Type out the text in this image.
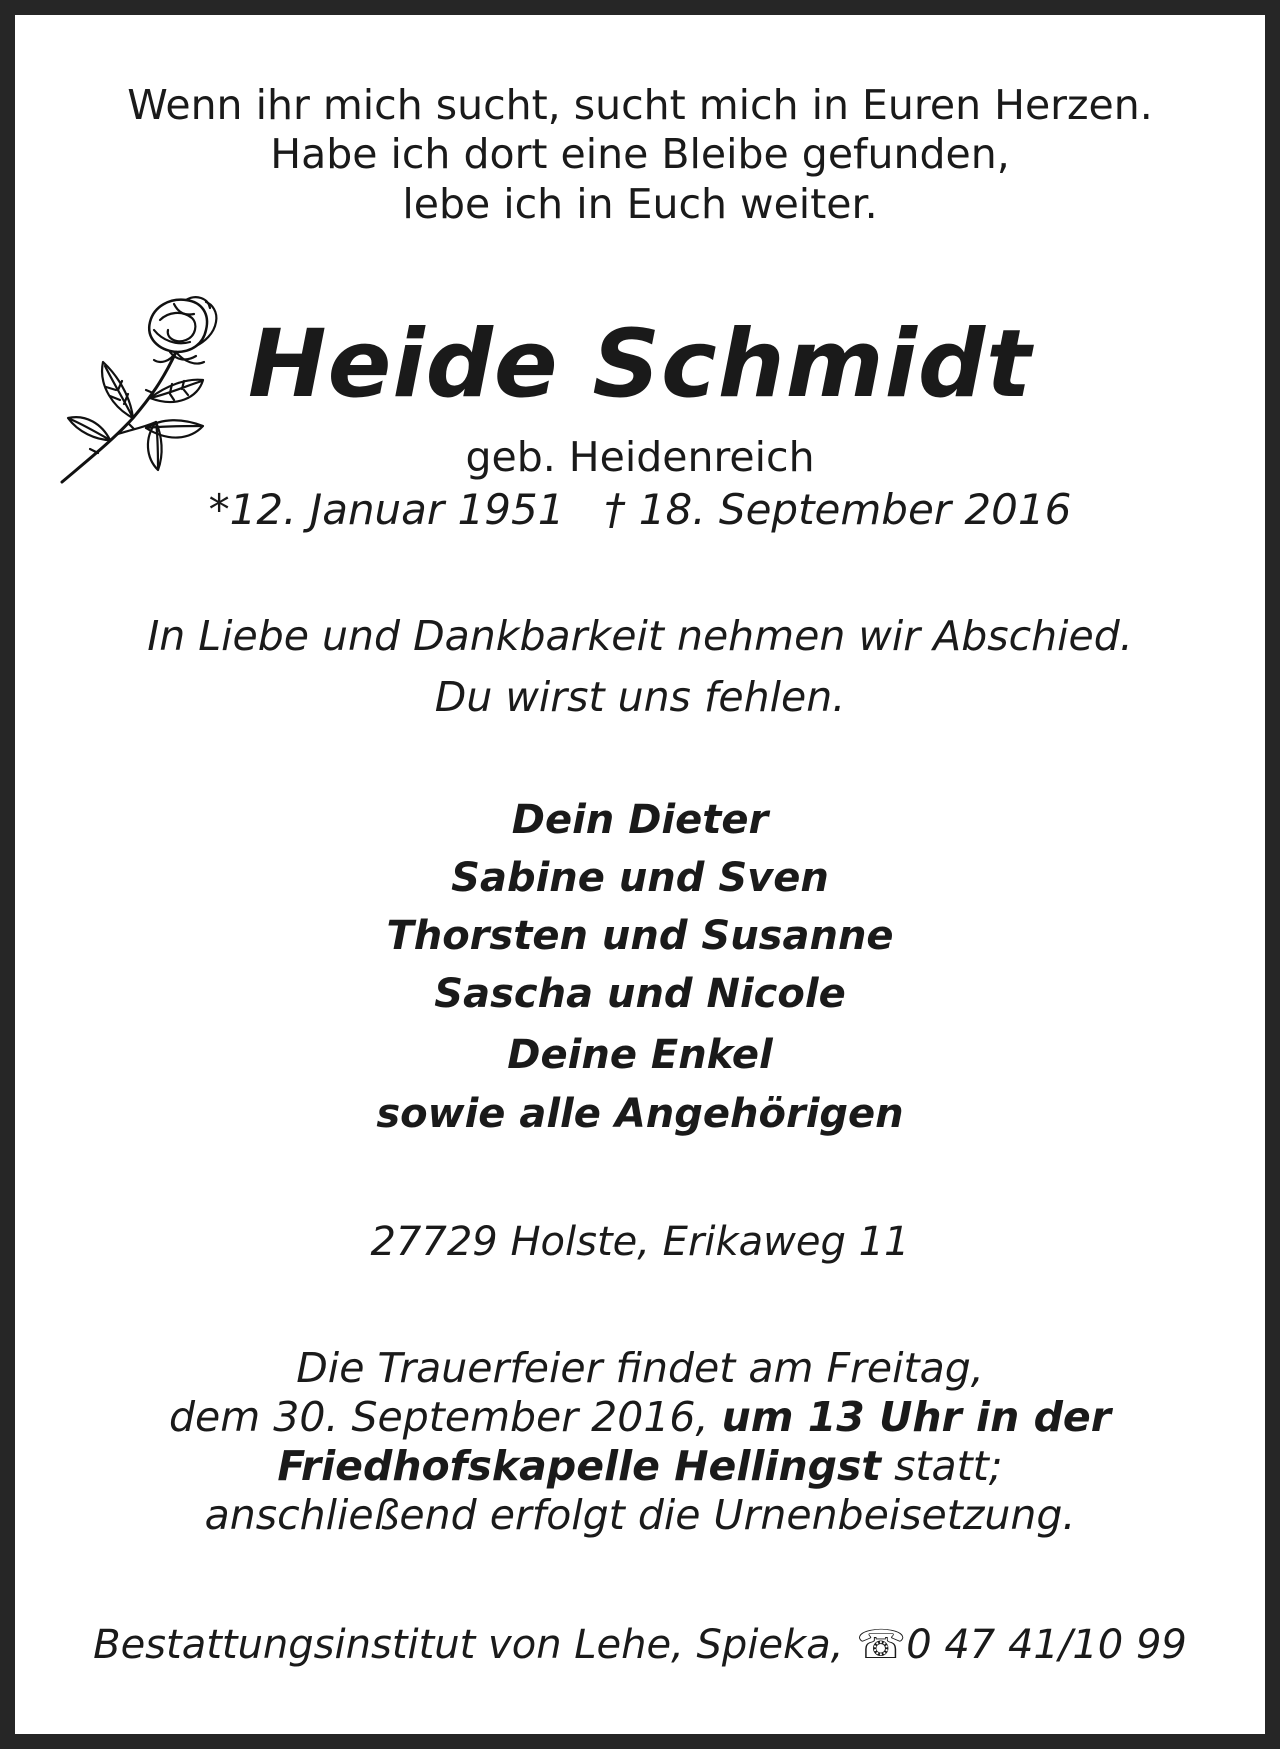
Wenn ihr mich sucht, sucht mich in Euren Herzen.
Habe ich dort eine Bleibe gefunden,
lebe ich in Euch weiter.
Heide Schmidt
geb. Heidenreich
*12. Januar 1951 † 18. September 2016
In Liebe und Dankbarkeit nehmen wir Abschied.
Du wirst uns fehlen.
Dein Dieter
Sabine und Sven
Thorsten und Susanne
Sascha und Nicole
Deine Enkel
sowie alle Angehörigen
27729 Holste, Erikaweg 11
Die Trauerfeier findet am Freitag,
dem 30. September 2016, um 13 Uhr in der
Friedhofskapelle Hellingst statt;
anschließend erfolgt die Urnenbeisetzung.
Bestattungsinstitut von Lehe, Spieka, ☏0 47 41/10 99
